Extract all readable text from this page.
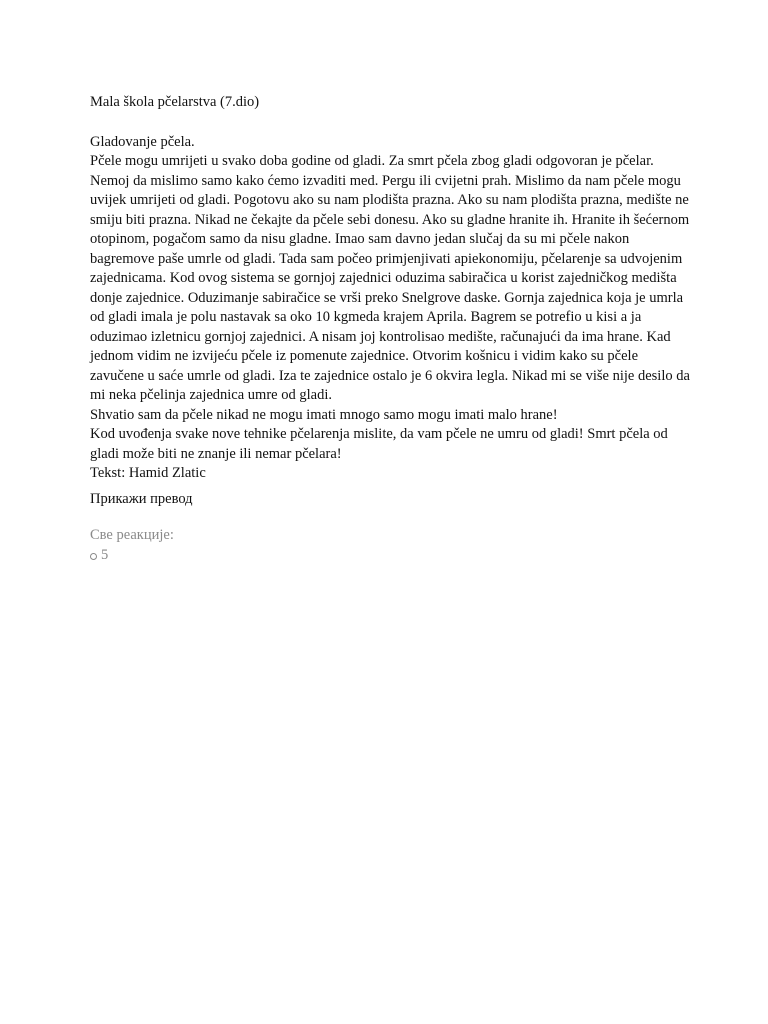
Mala škola pčelarstva (7.dio)

Gladovanje pčela.

Pčele mogu umrijeti u svako doba godine od gladi. Za smrt pčela zbog gladi odgovoran je pčelar. Nemoj da mislimo samo kako ćemo izvaditi med. Pergu ili cvijetni prah. Mislimo da nam pčele mogu uvijek umrijeti od gladi. Pogotovu ako su nam plodišta prazna. Ako su nam plodišta prazna, medište ne smiju biti prazna. Nikad ne čekajte da pčele sebi donesu. Ako su gladne hranite ih. Hranite ih šećernom otopinom, pogačom samo da nisu gladne. Imao sam davno jedan slučaj da su mi pčele nakon bagremove paše umrle od gladi. Tada sam počeo primjenjivati apiekonomiju, pčelarenje sa udvojenim zajednicama. Kod ovog sistema se gornjoj zajednici oduzima sabiračica u korist zajedničkog medišta donje zajednice. Oduzimanje sabiračice se vrši preko Snelgrove daske. Gornja zajednica koja je umrla od gladi imala je polu nastavak sa oko 10 kgmeda krajem Aprila. Bagrem se potrefio u kisi a ja oduzimao izletnicu gornjoj zajednici. A nisam joj kontrolisao medište, računajući da ima hrane. Kad jednom vidim ne izvijeću pčele iz pomenute zajednice. Otvorim košnicu i vidim kako su pčele zavučene u saće umrle od gladi. Iza te zajednice ostalo je 6 okvira legla. Nikad mi se više nije desilo da mi neka pčelinja zajednica umre od gladi.

Shvatio sam da pčele nikad ne mogu imati mnogo samo mogu imati malo hrane!

Kod uvođenja svake nove tehnike pčelarenja mislite, da vam pčele ne umru od gladi! Smrt pčela od gladi može biti ne znanje ili nemar pčelara!

Tekst: Hamid Zlatic

Прикажи превод
Све реакције:
5
